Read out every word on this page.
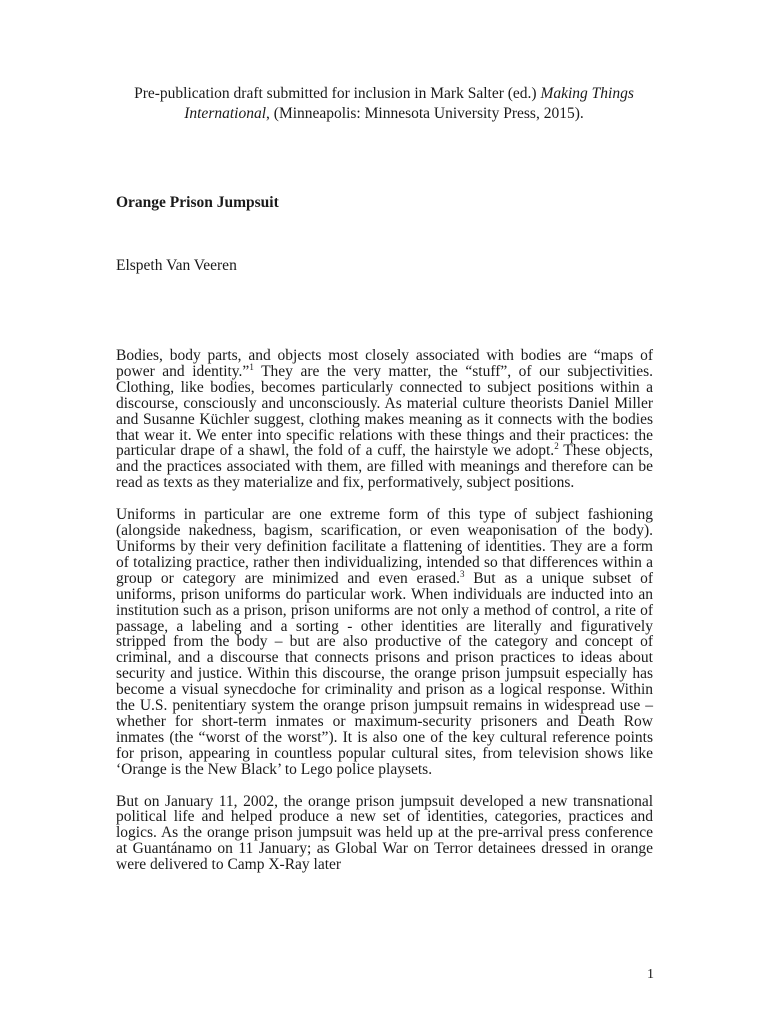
Pre-publication draft submitted for inclusion in Mark Salter (ed.) Making Things International, (Minneapolis: Minnesota University Press, 2015).
Orange Prison Jumpsuit
Elspeth Van Veeren

Bodies, body parts, and objects most closely associated with bodies are “maps of power and identity.”$^1$ They are the very matter, the “stuff”, of our subjectivities. Clothing, like bodies, becomes particularly connected to subject positions within a discourse, consciously and unconsciously. As material culture theorists Daniel Miller and Susanne Küchler suggest, clothing makes meaning as it connects with the bodies that wear it. We enter into specific relations with these things and their practices: the particular drape of a shawl, the fold of a cuff, the hairstyle we adopt.$^2$ These objects, and the practices associated with them, are filled with meanings and therefore can be read as texts as they materialize and fix, performatively, subject positions.

Uniforms in particular are one extreme form of this type of subject fashioning (alongside nakedness, bagism, scarification, or even weaponisation of the body). Uniforms by their very definition facilitate a flattening of identities. They are a form of totalizing practice, rather then individualizing, intended so that differences within a group or category are minimized and even erased.$^3$ But as a unique subset of uniforms, prison uniforms do particular work. When individuals are inducted into an institution such as a prison, prison uniforms are not only a method of control, a rite of passage, a labeling and a sorting - other identities are literally and figuratively stripped from the body – but are also productive of the category and concept of criminal, and a discourse that connects prisons and prison practices to ideas about security and justice. Within this discourse, the orange prison jumpsuit especially has become a visual synecdoche for criminality and prison as a logical response. Within the U.S. penitentiary system the orange prison jumpsuit remains in widespread use – whether for short-term inmates or maximum-security prisoners and Death Row inmates (the “worst of the worst”). It is also one of the key cultural reference points for prison, appearing in countless popular cultural sites, from television shows like ‘Orange is the New Black’ to Lego police playsets.

But on January 11, 2002, the orange prison jumpsuit developed a new transnational political life and helped produce a new set of identities, categories, practices and logics. As the orange prison jumpsuit was held up at the pre-arrival press conference at Guantánamo on 11 January; as Global War on Terror detainees dressed in orange were delivered to Camp X-Ray later

1
